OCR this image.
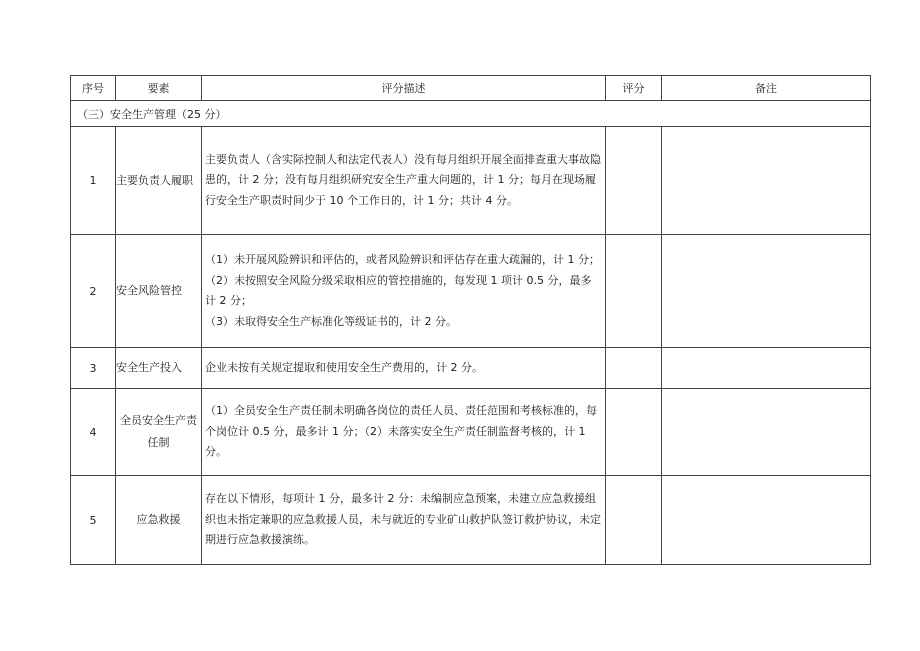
序号	要素	评分描述	评分	备注
（三）安全生产管理（25 分）				
1	主要负责人履职	主要负责人（含实际控制人和法定代表人）没有每月组织开展全面排查重大事故隐患的，计 2 分；没有每月组织研究安全生产重大问题的，计 1 分；每月在现场履行安全生产职责时间少于 10 个工作日的，计 1 分；共计 4 分。		

2	安全风险管控	（1）未开展风险辨识和评估的，或者风险辨识和评估存在重大疏漏的，计 1 分；
（2）未按照安全风险分级采取相应的管控措施的，每发现 1 项计 0.5 分，最多计 2 分；
（3）未取得安全生产标准化等级证书的，计 2 分。		

3	安全生产投入	企业未按有关规定提取和使用安全生产费用的，计 2 分。		

4	全员安全生产责任制	（1）全员安全生产责任制未明确各岗位的责任人员、责任范围和考核标准的，每个岗位计 0.5 分，最多计 1 分；（2）未落实安全生产责任制监督考核的，计 1 分。		

5	应急救援	存在以下情形，每项计 1 分，最多计 2 分：未编制应急预案，未建立应急救援组织也未指定兼职的应急救援人员，未与就近的专业矿山救护队签订救护协议，未定期进行应急救援演练。		
